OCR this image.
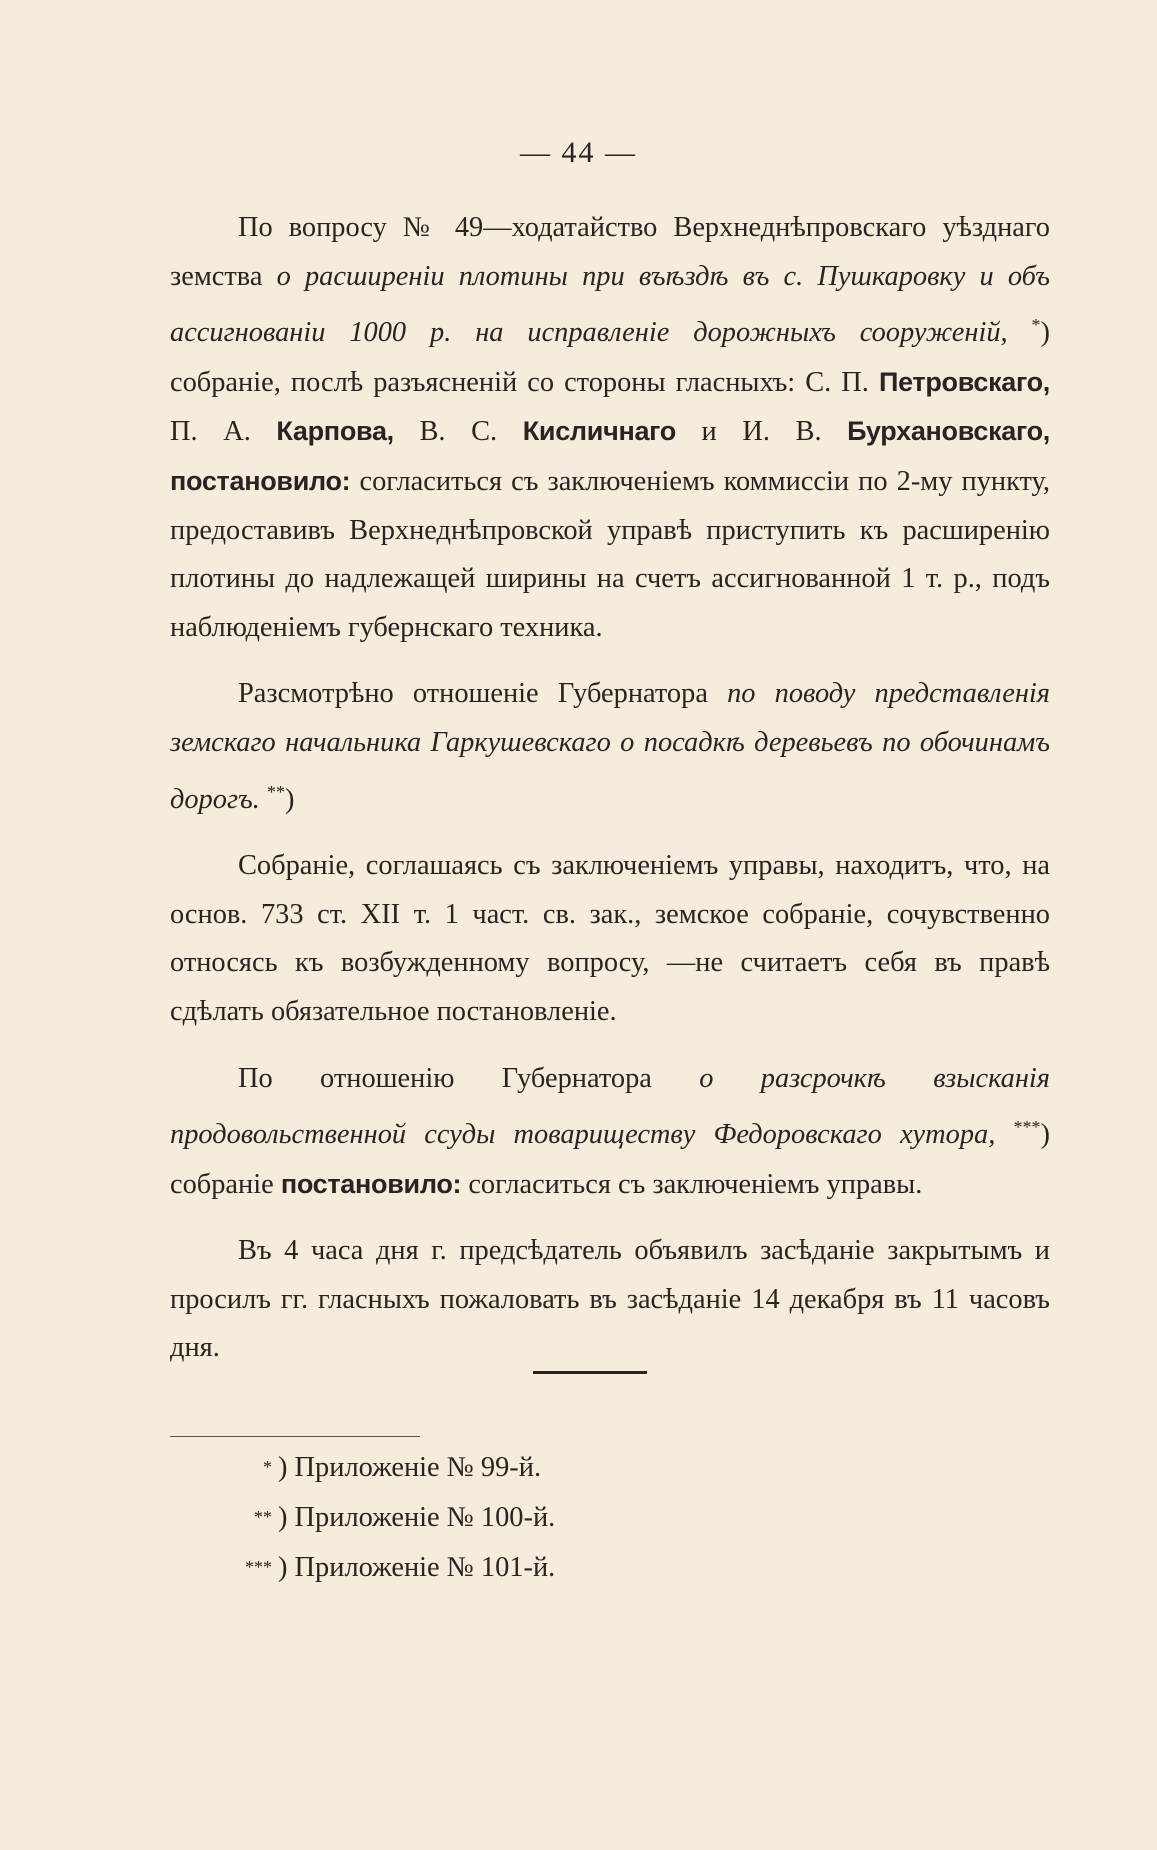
— 44 —

По вопросу № 49—ходатайство Верхнеднѣпровскаго уѣзднаго земства о расширеніи плотины при въѣздѣ въ с. Пушкаровку и объ ассигнованіи 1000 р. на исправленіе дорожныхъ сооруженій, *) собраніе, послѣ разъясненій со стороны гласныхъ: С. П. Петровскаго, П. А. Карпова, В. С. Кисличнаго и И. В. Бурхановскаго, постановило: согласиться съ заключеніемъ коммиссіи по 2-му пункту, предоставивъ Верхнеднѣпровской управѣ приступить къ расширенію плотины до надлежащей ширины на счетъ ассигнованной 1 т. р., подъ наблюденіемъ губернскаго техника.

Разсмотрѣно отношеніе Губернатора по поводу представленія земскаго начальника Гаркушевскаго о посадкѣ деревьевъ по обочинамъ дорогъ. **)

Собраніе, соглашаясь съ заключеніемъ управы, находитъ, что, на основ. 733 ст. XII т. 1 част. св. зак., земское собраніе, сочувственно относясь къ возбужденному вопросу, —не считаетъ себя въ правѣ сдѣлать обязательное постановленіе.

По отношенію Губернатора о разсрочкѣ взысканія продовольственной ссуды товариществу Федоровскаго хутора, ***) собраніе постановило: согласиться съ заключеніемъ управы.

Въ 4 часа дня г. предсѣдатель объявилъ засѣданіе закрытымъ и просилъ гг. гласныхъ пожаловать въ засѣданіе 14 декабря въ 11 часовъ дня.

* ) Приложеніе № 99-й.
** ) Приложеніе № 100-й.
*** ) Приложеніе № 101-й.
